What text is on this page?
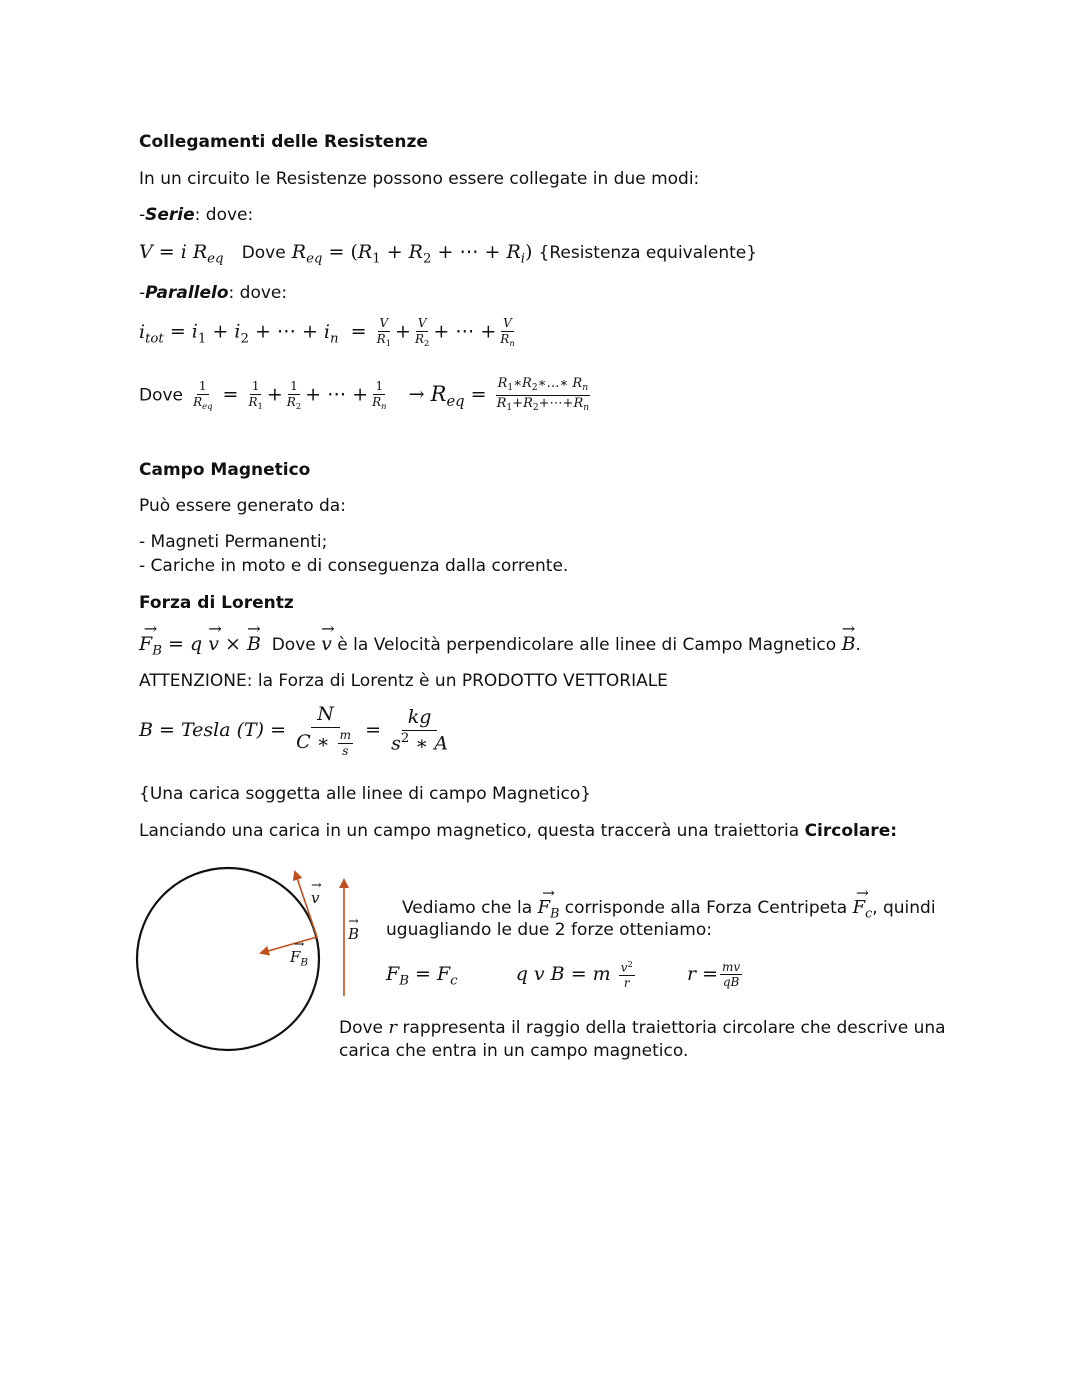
Collegamenti delle Resistenze
In un circuito le Resistenze possono essere collegate in due modi:
-Serie: dove:
V = i $R_{eq}$ Dove $R_{eq} = (R_1 + R_2$ + ⋯ + $R_i$) {Resistenza equivalente}
-Parallelo: dove:
$i_{tot} = i_1 + i_2$ + ⋯ + $i_n = \frac{V}{R_1} + \frac{V}{R_2}$ + ⋯ + $\frac{V}{R_n}$
Dove $\frac{1}{R_{eq}} = \frac{1}{R_1} + \frac{1}{R_2}$ + ⋯ + $\frac{1}{R_n} \to R_{eq} = \frac{R_1∗R_2∗\dots∗ R_n}{R_1+R_2+\cdots+R_n}$
Campo Magnetico
Può essere generato da:
- Magneti Permanenti;
- Cariche in moto e di conseguenza dalla corrente.
Forza di Lorentz
→ $F_B = q \to v$ × → B Dove → v è la Velocità perpendicolare alle linee di Campo Magnetico → B.
ATTENZIONE: la Forza di Lorentz è un PRODOTTO VETTORIALE
B = Tesla $(T) = \frac{N}{C ∗ \frac{m}{s}} = \frac{kg}{s^2 ∗ A}$
{Una carica soggetta alle linee di campo Magnetico}
Lanciando una carica in un campo magnetico, questa traccerà una traiettoria Circolare:
→ v
→ B
→ $F_B$
Vediamo che la → $F_B$ corrisponde alla Forza Centripeta → $F_c$, quindi
uguagliando le due 2 forze otteniamo:
$F_B = F_c$	q v B = m $\frac{v^2}{r}$ $r = \frac{mv}{qB}$
Dove r rappresenta il raggio della traiettoria circolare che descrive una
carica che entra in un campo magnetico.
